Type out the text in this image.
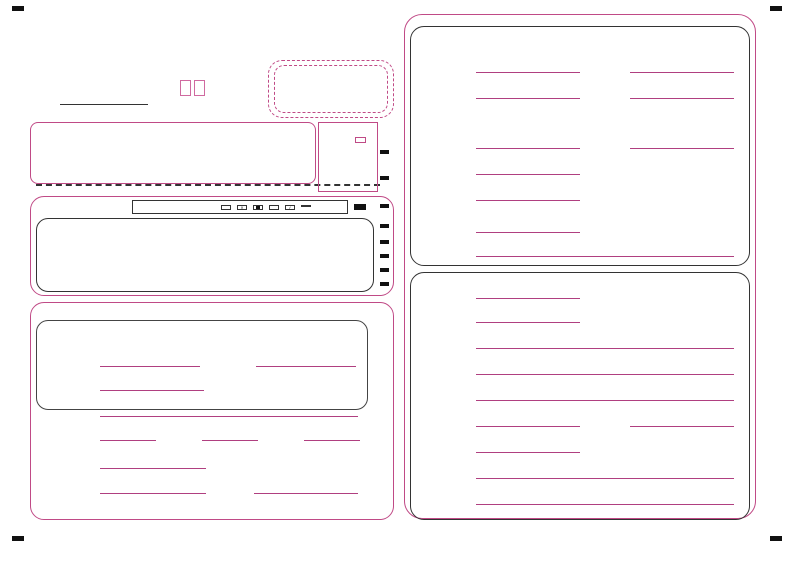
×	✓
